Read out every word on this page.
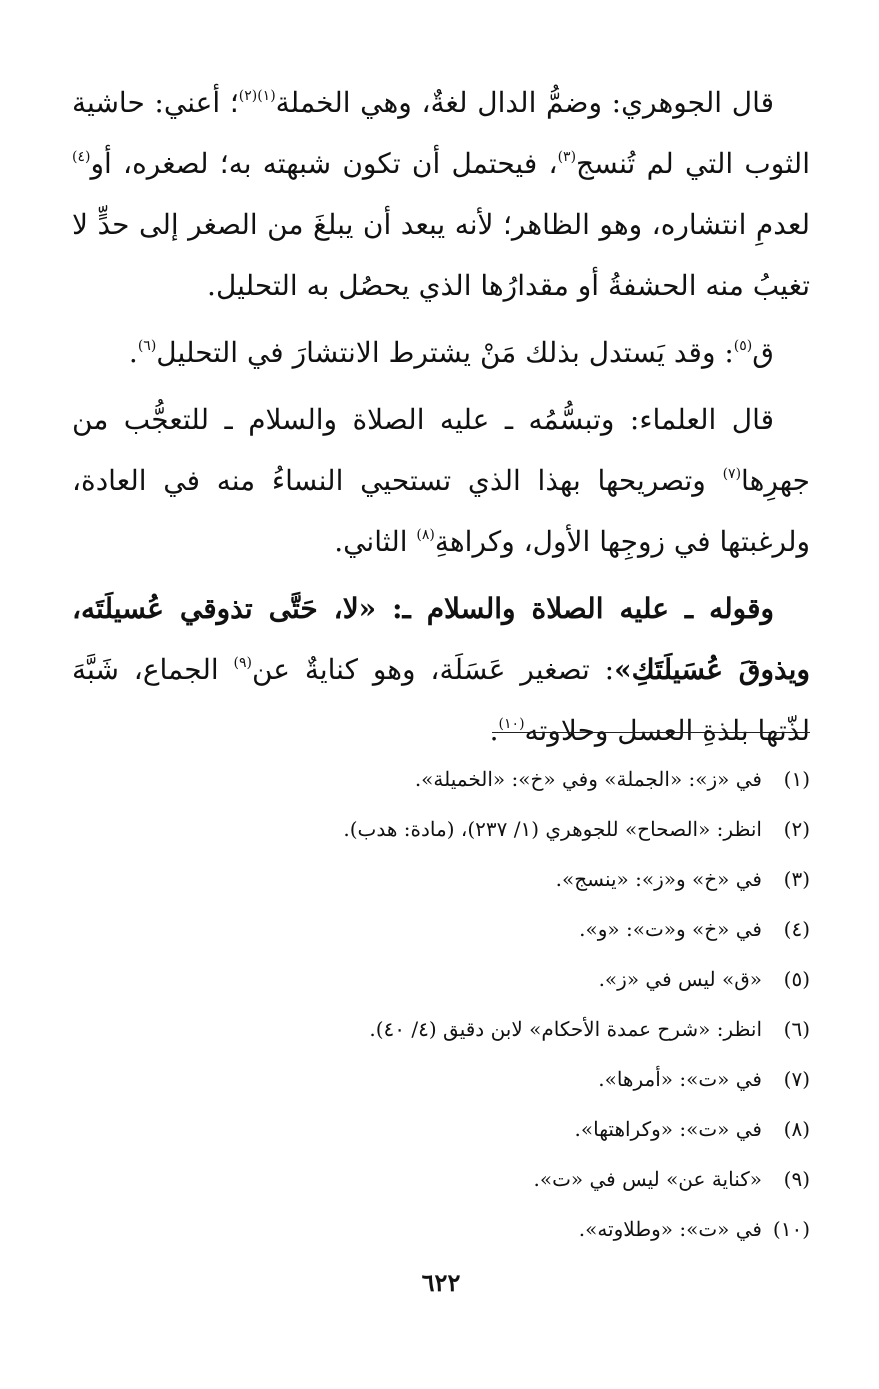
قال الجوهري: وضمُّ الدال لغةٌ، وهي الخملة$^{(١)(٢)}$؛ أعني: حاشية الثوب التي لم تُنسج$^{(٣)}$، فيحتمل أن تكون شبهته به؛ لصغره، أو$^{(٤)}$ لعدمِ انتشاره، وهو الظاهر؛ لأنه يبعد أن يبلغَ من الصغر إلى حدٍّ لا تغيبُ منه الحشفةُ أو مقدارُها الذي يحصُل به التحليل.

ق$^{(٥)}$: وقد يَستدل بذلك مَنْ يشترط الانتشارَ في التحليل$^{(٦)}$.

قال العلماء: وتبسُّمُه ـ عليه الصلاة والسلام ـ للتعجُّب من جهرِها$^{(٧)}$ وتصريحها بهذا الذي تستحيي النساءُ منه في العادة، ولرغبتها في زوجِها الأول، وكراهةِ$^{(٨)}$ الثاني.

وقوله ـ عليه الصلاة والسلام ـ: «لا، حَتَّى تذوقي عُسيلَتَه، ويذوقَ عُسَيلَتَكِ»: تصغير عَسَلَة، وهو كنايةٌ عن$^{(٩)}$ الجماع، شَبَّهَ لذّتها بلذةِ العسل وحلاوته$^{(١٠)}$.

(١)
في «ز»: «الجملة» وفي «خ»: «الخميلة».
(٢)
انظر: «الصحاح» للجوهري (١/ ٢٣٧)، (مادة: هدب).
(٣)
في «خ» و«ز»: «ينسج».
(٤)
في «خ» و«ت»: «و».
(٥)
«ق» ليس في «ز».
(٦)
انظر: «شرح عمدة الأحكام» لابن دقيق (٤/ ٤٠).
(٧)
في «ت»: «أمرها».
(٨)
في «ت»: «وكراهتها».
(٩)
«كناية عن» ليس في «ت».
(١٠)
في «ت»: «وطلاوته».
٦٢٢
